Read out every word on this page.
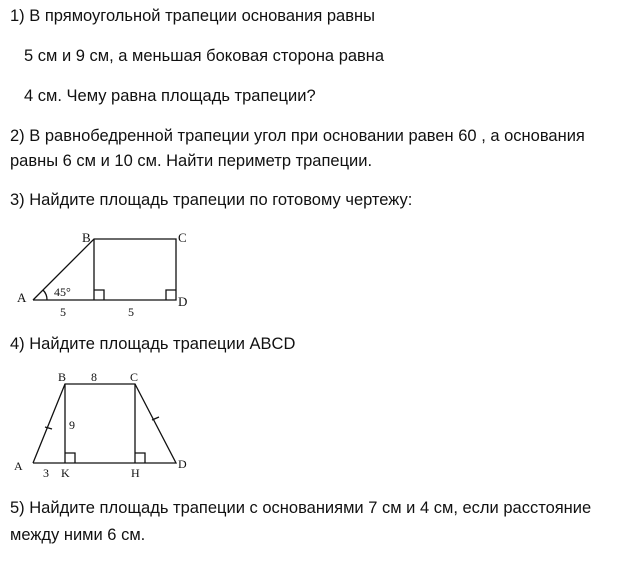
1) В прямоугольной трапеции основания равны
5 см и 9 см, а меньшая боковая сторона равна
4 см. Чему равна площадь трапеции?
2) В равнобедренной трапеции угол при основании равен 60 , а основания
равны 6 см и 10 см. Найти периметр трапеции.
3) Найдите площадь трапеции по готовому чертежу:
A
B	C
D
45°
5	5
4) Найдите площадь трапеции ABCD
A
B	C
D
K	H
8
9
3
5) Найдите площадь трапеции с основаниями 7 см и 4 см, если расстояние
между ними 6 см.
